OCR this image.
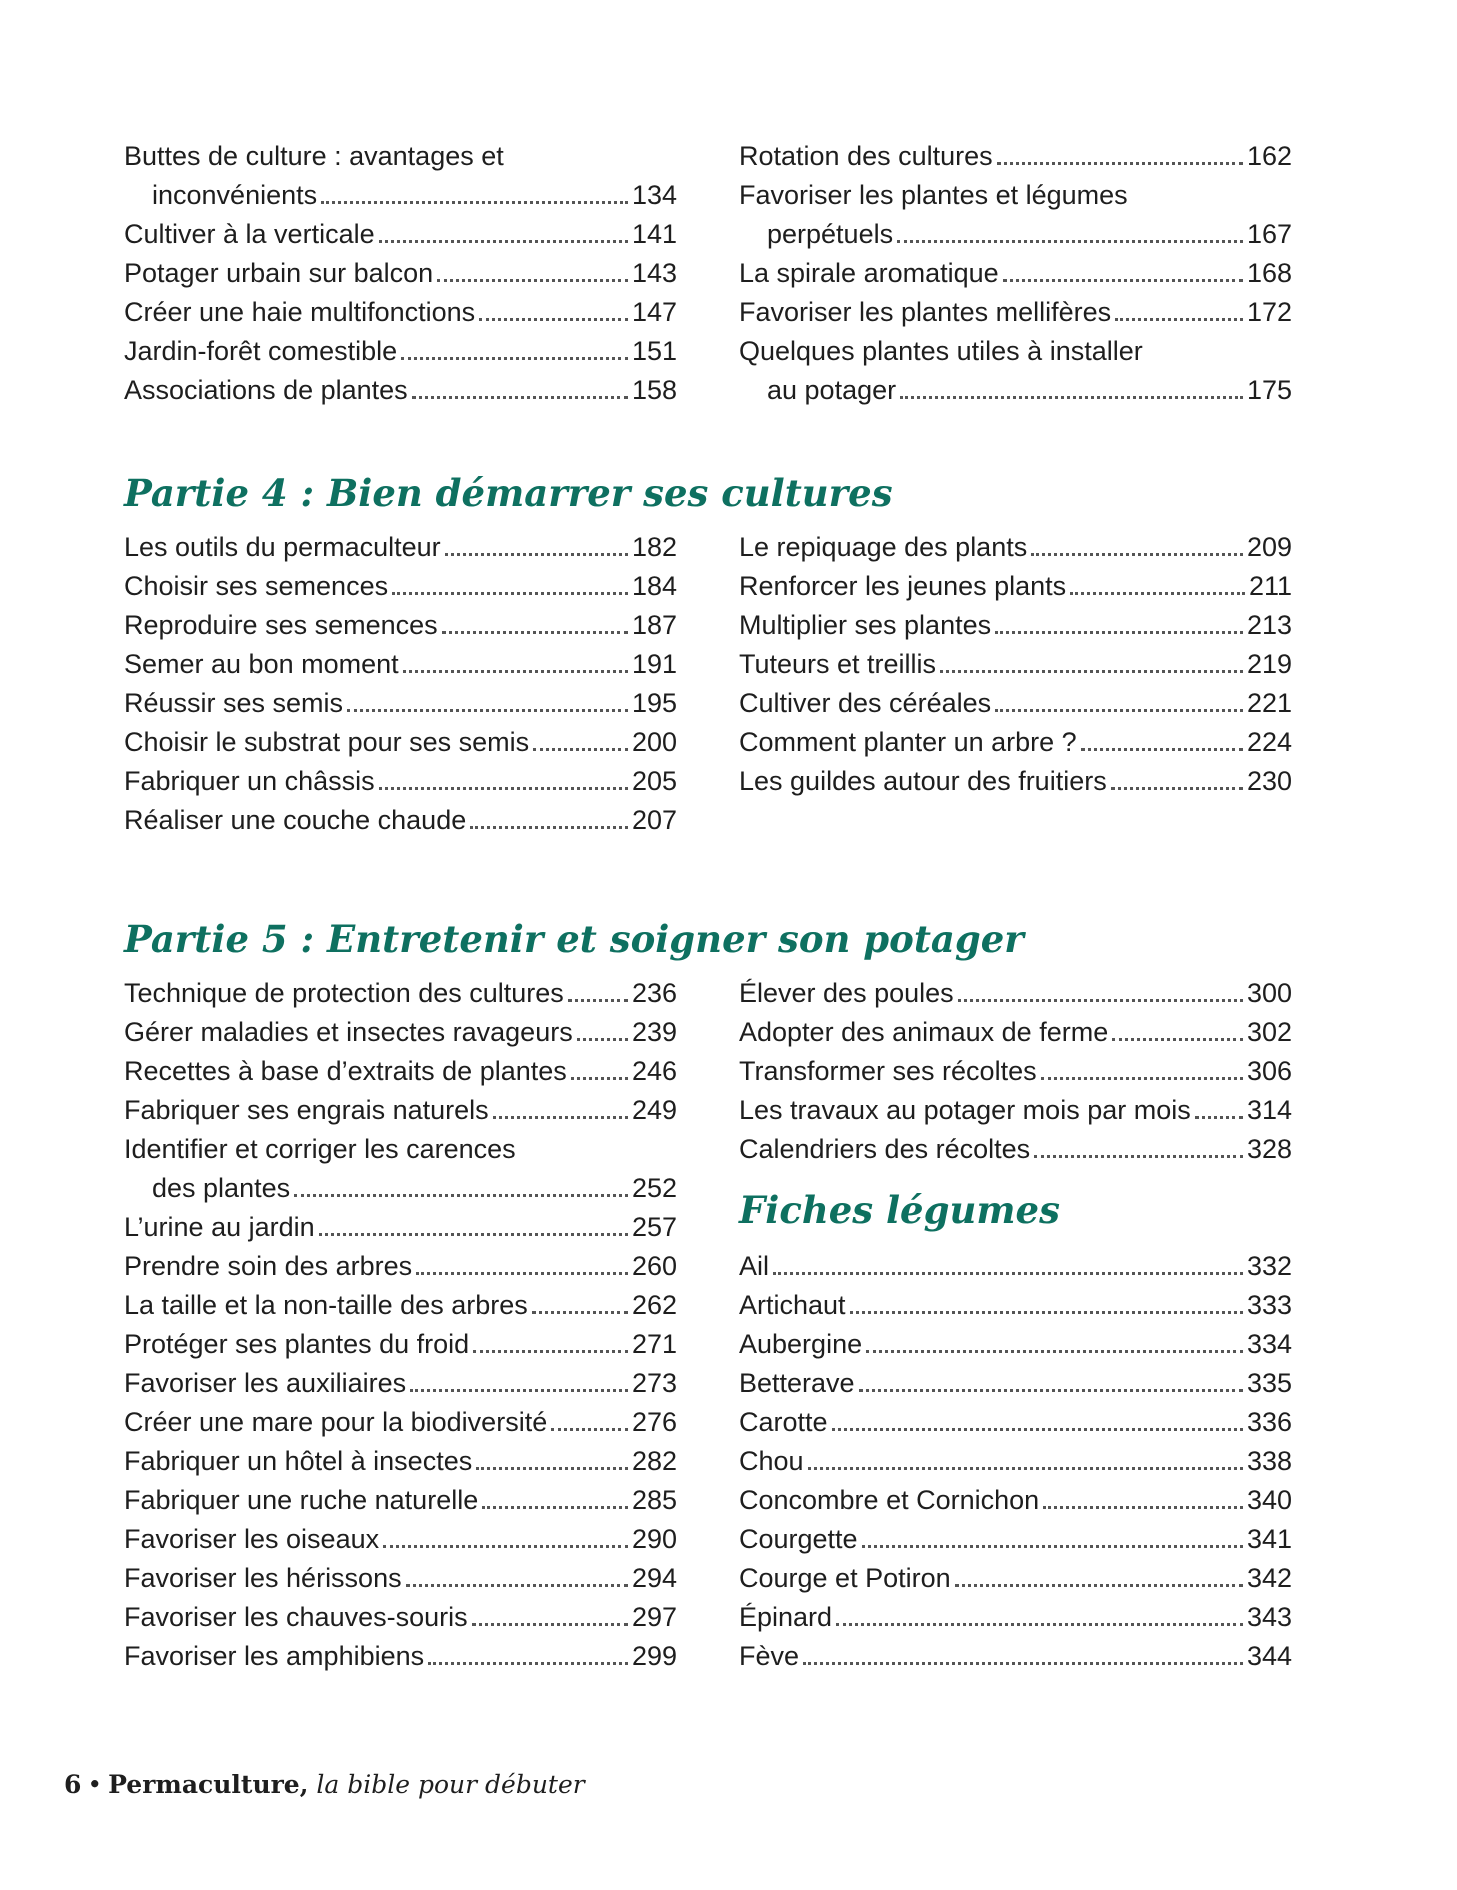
Buttes de culture : avantages et
inconvénients	134
Cultiver à la verticale	141
Potager urbain sur balcon	143
Créer une haie multifonctions	147
Jardin-forêt comestible	151
Associations de plantes	158
Rotation des cultures	162
Favoriser les plantes et légumes
perpétuels	167
La spirale aromatique	168
Favoriser les plantes mellifères	172
Quelques plantes utiles à installer
au potager	175
Partie 4 : Bien démarrer ses cultures
Les outils du permaculteur	182
Choisir ses semences	184
Reproduire ses semences	187
Semer au bon moment	191
Réussir ses semis	195
Choisir le substrat pour ses semis	200
Fabriquer un châssis	205
Réaliser une couche chaude	207
Le repiquage des plants	209
Renforcer les jeunes plants	211
Multiplier ses plantes	213
Tuteurs et treillis	219
Cultiver des céréales	221
Comment planter un arbre ?	224
Les guildes autour des fruitiers	230
Partie 5 : Entretenir et soigner son potager
Technique de protection des cultures	236
Gérer maladies et insectes ravageurs 239
Recettes à base d’extraits de plantes 246
Fabriquer ses engrais naturels	249
Identifier et corriger les carences
des plantes	252
L’urine au jardin	257
Prendre soin des arbres	260
La taille et la non-taille des arbres	262
Protéger ses plantes du froid	271
Favoriser les auxiliaires	273
Créer une mare pour la biodiversité	276
Fabriquer un hôtel à insectes	282
Fabriquer une ruche naturelle	285
Favoriser les oiseaux	290
Favoriser les hérissons	294
Favoriser les chauves-souris	297
Favoriser les amphibiens	299
Élever des poules	300
Adopter des animaux de ferme	302
Transformer ses récoltes	306
Les travaux au potager mois par mois 314
Calendriers des récoltes	328
Fiches légumes
Ail	332
Artichaut	333
Aubergine	334
Betterave	335
Carotte	336
Chou	338
Concombre et Cornichon	340
Courgette	341
Courge et Potiron	342
Épinard	343
Fève	344
6 • Permaculture, la bible pour débuter
